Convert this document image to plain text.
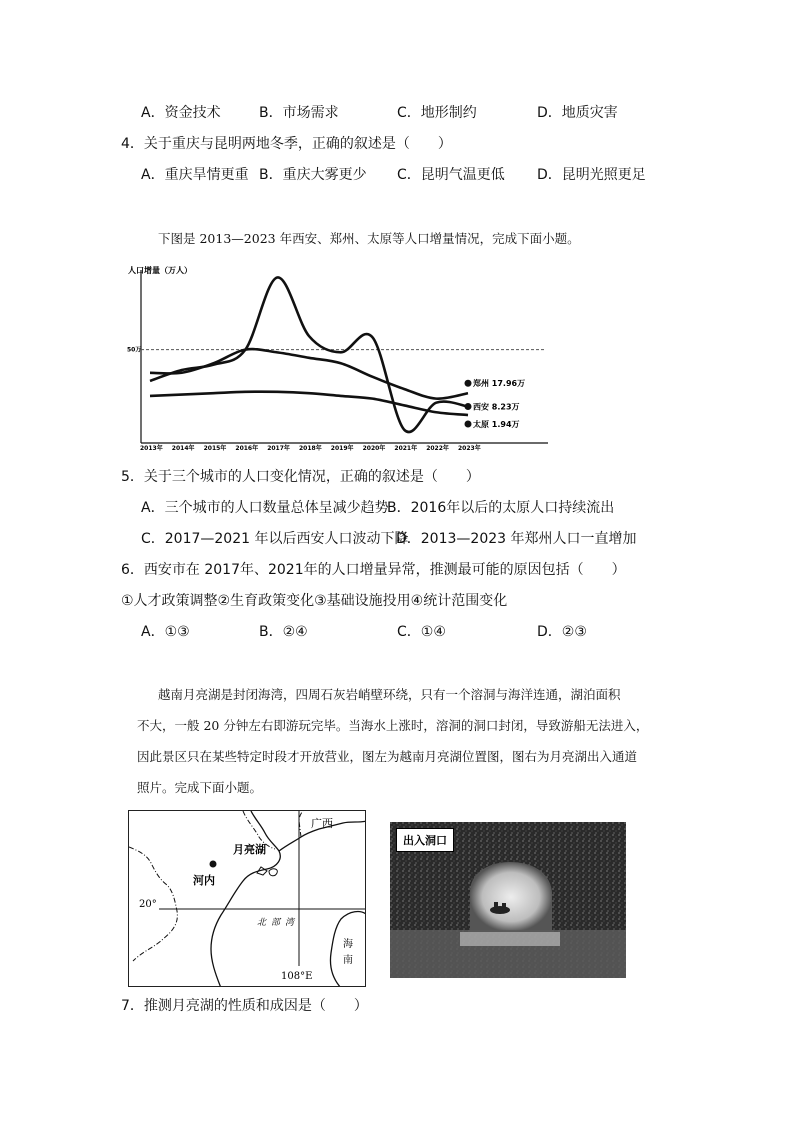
A．资金技术	B．市场需求	C．地形制约	D．地质灾害
4．关于重庆与昆明两地冬季，正确的叙述是（　　）
A．重庆旱情更重 B．重庆大雾更少 C．昆明气温更低 D．昆明光照更足
下图是 2013—2023 年西安、郑州、太原等人口增量情况，完成下面小题。
人口增量（万人）
50万
2013年 2014年 2015年 2016年 2017年 2018年 2019年 2020年 2021年 2022年 2023年
郑州 17.96万
西安 8.23万
太原 1.94万
5．关于三个城市的人口变化情况，正确的叙述是（　　）
A．三个城市的人口数量总体呈减少趋势
B．2016年以后的太原人口持续流出
C．2017—2021 年以后西安人口波动下降
D．2013—2023 年郑州人口一直增加
6．西安市在 2017年、2021年的人口增量异常，推测最可能的原因包括（　　）
①人才政策调整②生育政策变化③基础设施投用④统计范围变化
A．①③	B．②④	C．①④	D．②③
越南月亮湖是封闭海湾，四周石灰岩峭壁环绕，只有一个溶洞与海洋连通，湖泊面积
不大，一般 20 分钟左右即游玩完毕。当海水上涨时，溶洞的洞口封闭，导致游船无法进入，
因此景区只在某些特定时段才开放营业，图左为越南月亮湖位置图，图右为月亮湖出入通道
照片。完成下面小题。
广西
月亮湖
河内
20°
北 部 湾
海
南
108°E
出入洞口
7．推测月亮湖的性质和成因是（　　）
